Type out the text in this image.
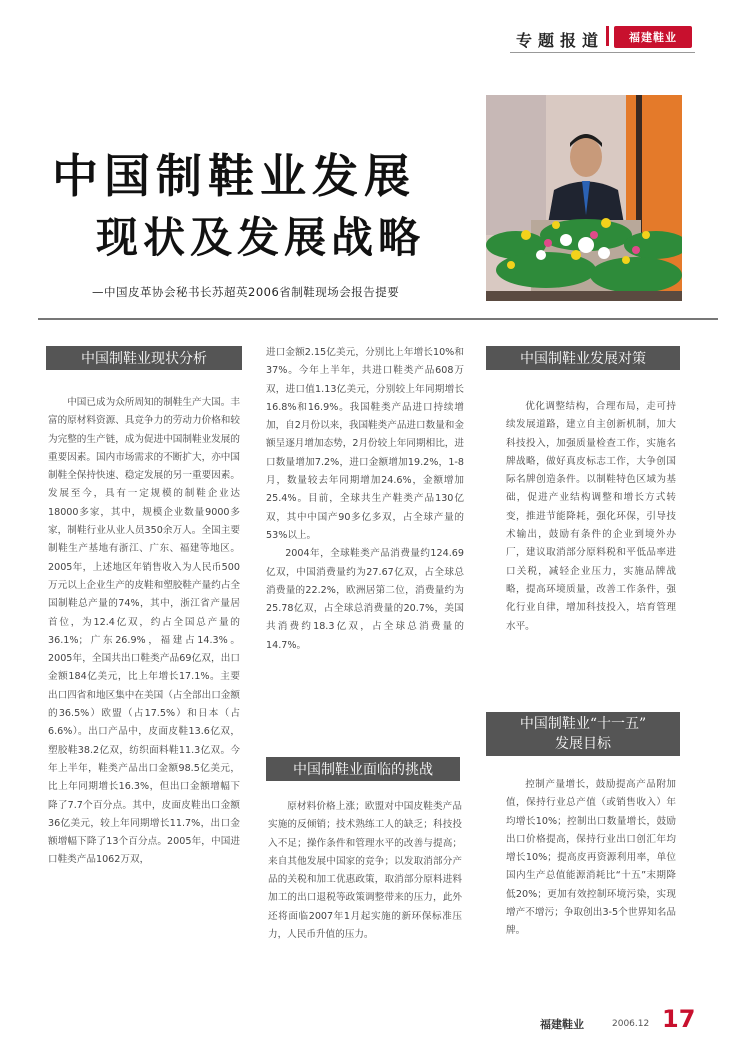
专题报道	福建鞋业
中国制鞋业发展
现状及发展战略
—中国皮革协会秘书长苏超英2006省制鞋现场会报告提要
中国制鞋业现状分析

中国已成为众所周知的制鞋生产大国。丰富的原材料资源、具竞争力的劳动力价格和较为完整的生产链，成为促进中国制鞋业发展的重要因素。国内市场需求的不断扩大，亦中国制鞋全保持快速、稳定发展的另一重要因素。发展至今，具有一定规模的制鞋企业达18000多家，其中，规模企业数量9000多家，制鞋行业从业人员350余万人。全国主要制鞋生产基地有浙江、广东、福建等地区。2005年，上述地区年销售收入为人民币500万元以上企业生产的皮鞋和塑胶鞋产量约占全国制鞋总产量的74%，其中，浙江省产量居首位，为12.4亿双，约占全国总产量的36.1%；广东26.9%，福建占14.3%。2005年，全国共出口鞋类产品69亿双，出口金额184亿美元，比上年增长17.1%。主要出口四省和地区集中在美国（占全部出口金额的36.5%）欧盟（占17.5%）和日本（占6.6%）。出口产品中，皮面皮鞋13.6亿双，塑胶鞋38.2亿双，纺织面料鞋11.3亿双。今年上半年，鞋类产品出口金额98.5亿美元，比上年同期增长16.3%，但出口金额增幅下降了7.7个百分点。其中，皮面皮鞋出口金额36亿美元，较上年同期增长11.7%，出口金额增幅下降了13个百分点。2005年，中国进口鞋类产品1062万双，

进口金额2.15亿美元，分别比上年增长10%和37%。今年上半年，共进口鞋类产品608万双，进口值1.13亿美元，分别较上年同期增长16.8%和16.9%。我国鞋类产品进口持续增加，自2月份以来，我国鞋类产品进口数量和金额呈逐月增加态势，2月份较上年同期相比，进口数量增加7.2%，进口金额增加19.2%，1-8月，数量较去年同期增加24.6%，金额增加25.4%。目前，全球共生产鞋类产品130亿双，其中中国产90多亿多双，占全球产量的53%以上。

2004年，全球鞋类产品消费量约124.69亿双，中国消费量约为27.67亿双，占全球总消费量的22.2%，欧洲居第二位，消费量约为25.78亿双，占全球总消费量的20.7%，美国共消费约18.3亿双，占全球总消费量的14.7%。

中国制鞋业面临的挑战

原材料价格上涨；欧盟对中国皮鞋类产品实施的反倾销；技术熟练工人的缺乏；科技投入不足；操作条件和管理水平的改善与提高；来自其他发展中国家的竞争；以发取消部分产品的关税和加工优惠政策，取消部分原料进料加工的出口退税等政策调整带来的压力，此外还将面临2007年1月起实施的新环保标准压力，人民币升值的压力。

中国制鞋业发展对策

优化调整结构，合理布局，走可持续发展道路，建立自主创新机制，加大科技投入，加强质量检查工作，实施名牌战略，做好真皮标志工作，大争创国际名牌创造条件。以制鞋特色区域为基础，促进产业结构调整和增长方式转变，推进节能降耗，强化环保，引导技术输出，鼓励有条件的企业到境外办厂，建议取消部分原料税和平低品率进口关税，减轻企业压力，实施品牌战略，提高环境质量，改善工作条件，强化行业自律，增加科技投入，培育管理水平。

中国制鞋业“十一五”
发展目标

控制产量增长，鼓励提高产品附加值，保持行业总产值（或销售收入）年均增长10%；控制出口数量增长，鼓励出口价格提高，保持行业出口创汇年均增长10%；提高皮再资源利用率，单位国内生产总值能源消耗比“十五”末期降低20%；更加有效控制环境污染，实现增产不增污；争取创出3-5个世界知名品牌。

福建鞋业	2006.12 17
